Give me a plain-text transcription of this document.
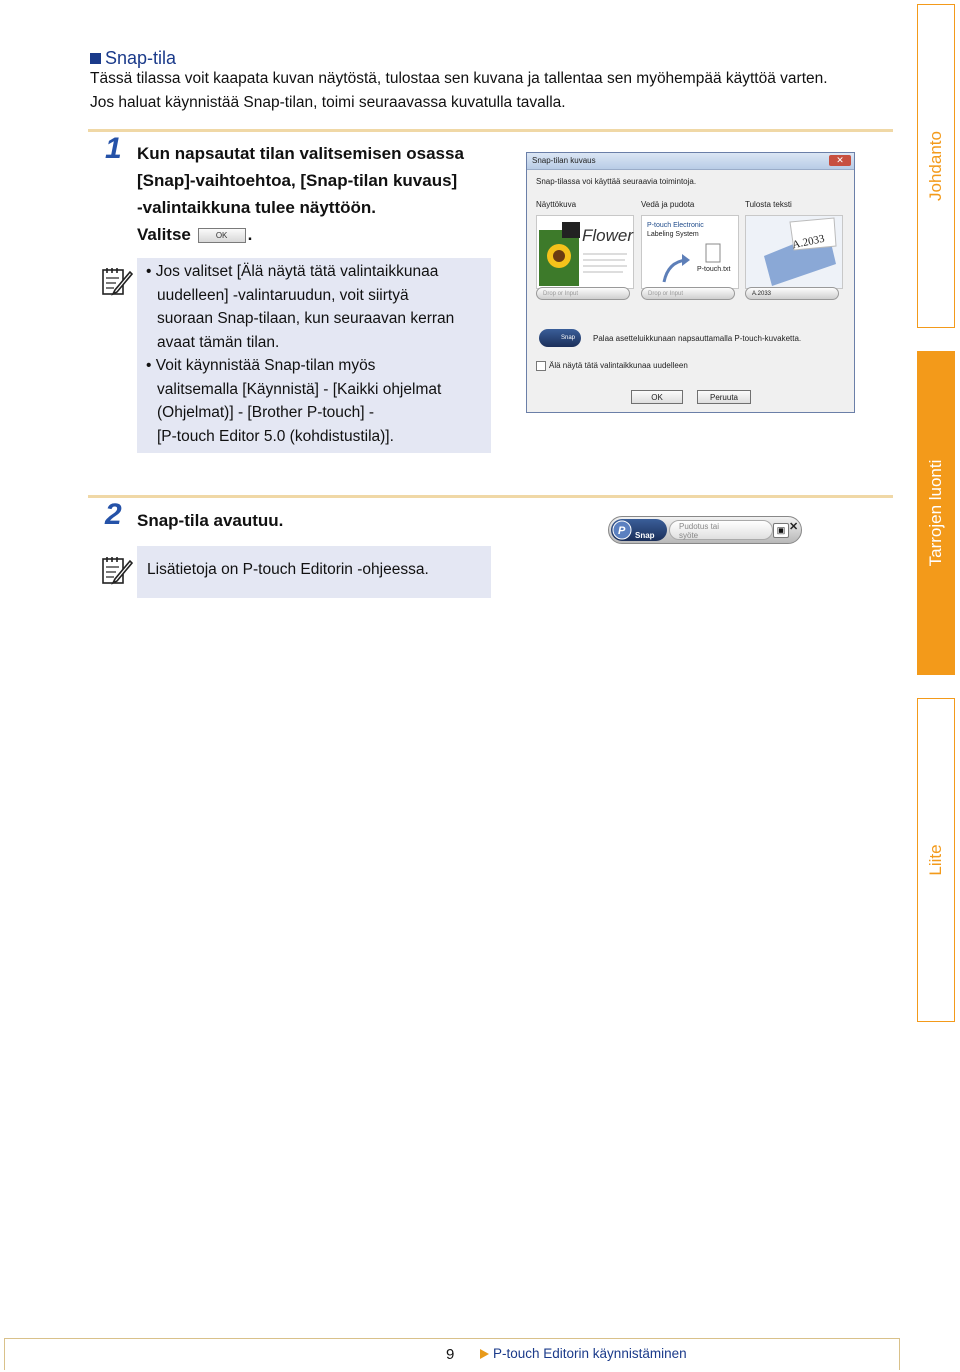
Snap-tila
Tässä tilassa voit kaapata kuvan näytöstä, tulostaa sen kuvana ja tallentaa sen myöhempää käyttöä varten.
Jos haluat käynnistää Snap-tilan, toimi seuraavassa kuvatulla tavalla.
1 Kun napsautat tilan valitsemisen osassa
[Snap]-vaihtoehtoa, [Snap-tilan kuvaus]
-valintaikkuna tulee näyttöön.
Valitse	OK .
• Jos valitset [Älä näytä tätä valintaikkunaa
uudelleen] -valintaruudun, voit siirtyä
suoraan Snap-tilaan, kun seuraavan kerran
avaat tämän tilan.
• Voit käynnistää Snap-tilan myös
valitsemalla [Käynnistä] - [Kaikki ohjelmat
(Ohjelmat)] - [Brother P-touch] -
[P-touch Editor 5.0 (kohdistustila)].
Snap-tilan kuvaus	✕
Snap-tilassa voi käyttää seuraavia toimintoja.
Näyttökuva	Vedä ja pudota	Tulosta teksti
Flower
P-touch Electronic
Labeling System
P-touch.txt
A.2033
Drop or Input	Drop or Input	A.2033
Snap	Palaa asetteluikkunaan napsauttamalla P-touch-kuvaketta.
Älä näytä tätä valintaikkunaa uudelleen
OK	Peruuta
2 Snap-tila avautuu.
Lisätietoja on P-touch Editorin -ohjeessa.
P Snap
Pudotus tai
syöte
▣ ✕
Johdanto
Tarrojen luonti
Liite
9	P-touch Editorin käynnistäminen
